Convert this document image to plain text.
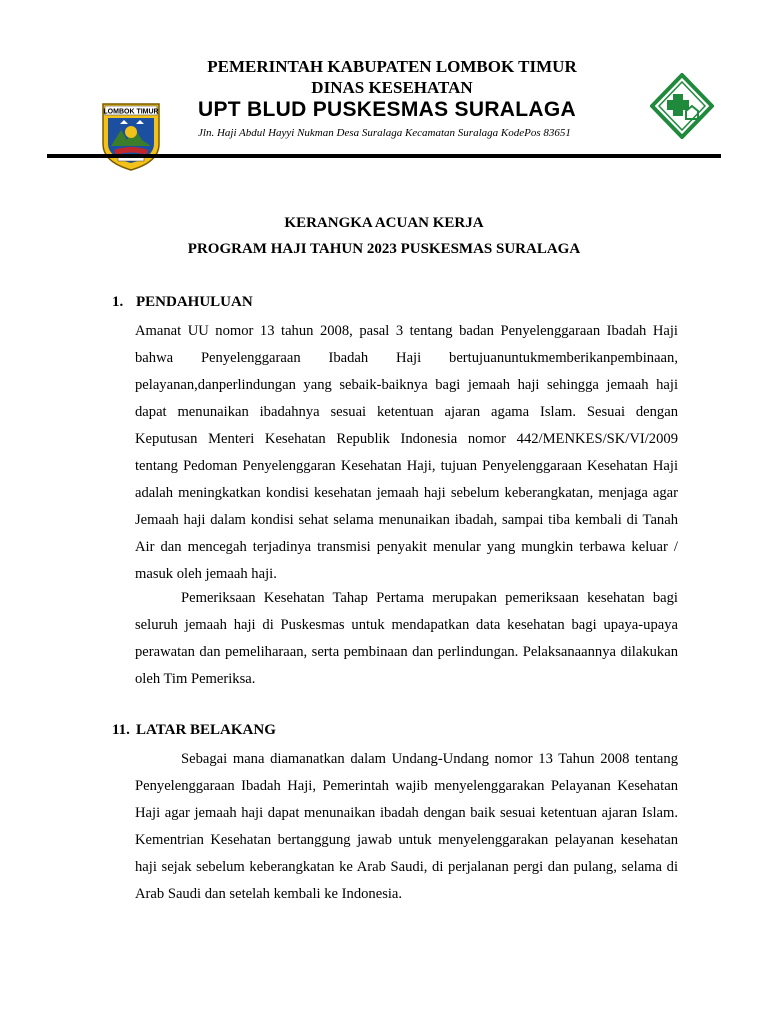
LOMBOK TIMUR
PEMERINTAH KABUPATEN LOMBOK TIMUR
DINAS KESEHATAN
UPT BLUD PUSKESMAS SURALAGA
Jln. Haji Abdul Hayyi Nukman Desa Suralaga Kecamatan Suralaga KodePos 83651
KERANGKA ACUAN KERJA
PROGRAM HAJI TAHUN 2023 PUSKESMAS SURALAGA
1. PENDAHULUAN

Amanat UU nomor 13 tahun 2008, pasal 3 tentang badan Penyelenggaraan Ibadah Haji bahwa Penyelenggaraan Ibadah Haji bertujuanuntukmemberikanpembinaan, pelayanan,danperlindungan yang sebaik-baiknya bagi jemaah haji sehingga jemaah haji dapat menunaikan ibadahnya sesuai ketentuan ajaran agama Islam. Sesuai dengan Keputusan Menteri Kesehatan Republik Indonesia nomor 442/MENKES/SK/VI/2009 tentang Pedoman Penyelenggaran Kesehatan Haji, tujuan Penyelenggaraan Kesehatan Haji adalah meningkatkan kondisi kesehatan jemaah haji sebelum keberangkatan, menjaga agar Jemaah haji dalam kondisi sehat selama menunaikan ibadah, sampai tiba kembali di Tanah Air dan mencegah terjadinya transmisi penyakit menular yang mungkin terbawa keluar / masuk oleh jemaah haji.

Pemeriksaan Kesehatan Tahap Pertama merupakan pemeriksaan kesehatan bagi seluruh jemaah haji di Puskesmas untuk mendapatkan data kesehatan bagi upaya-upaya perawatan dan pemeliharaan, serta pembinaan dan perlindungan. Pelaksanaannya dilakukan oleh Tim Pemeriksa.

11. LATAR BELAKANG

Sebagai mana diamanatkan dalam Undang-Undang nomor 13 Tahun 2008 tentang Penyelenggaraan Ibadah Haji, Pemerintah wajib menyelenggarakan Pelayanan Kesehatan Haji agar jemaah haji dapat menunaikan ibadah dengan baik sesuai ketentuan ajaran Islam. Kementrian Kesehatan bertanggung jawab untuk menyelenggarakan pelayanan kesehatan haji sejak sebelum keberangkatan ke Arab Saudi, di perjalanan pergi dan pulang, selama di Arab Saudi dan setelah kembali ke Indonesia.
